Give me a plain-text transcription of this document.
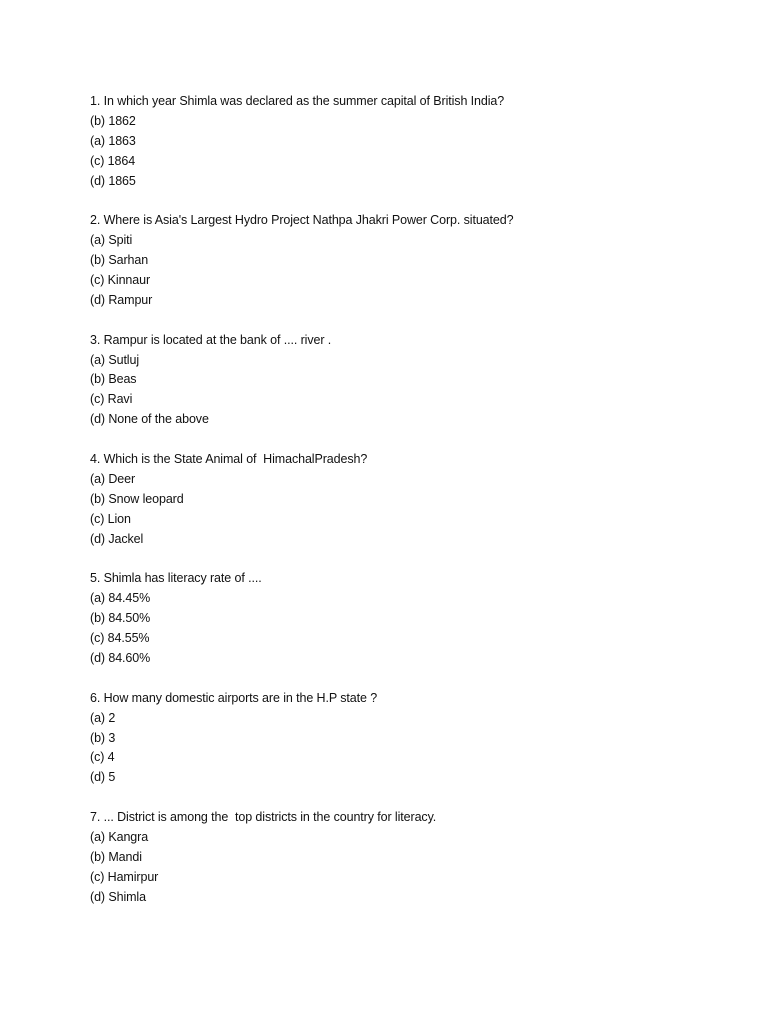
1. In which year Shimla was declared as the summer capital of British India?
(b) 1862
(a) 1863
(c) 1864
(d) 1865
2. Where is Asia's Largest Hydro Project Nathpa Jhakri Power Corp. situated?
(a) Spiti
(b) Sarhan
(c) Kinnaur
(d) Rampur
3. Rampur is located at the bank of .... river .
(a) Sutluj
(b) Beas
(c) Ravi
(d) None of the above
4. Which is the State Animal of  HimachalPradesh?
(a) Deer
(b) Snow leopard
(c) Lion
(d) Jackel
5. Shimla has literacy rate of ....
(a) 84.45%
(b) 84.50%
(c) 84.55%
(d) 84.60%
6. How many domestic airports are in the H.P state ?
(a) 2
(b) 3
(c) 4
(d) 5
7. ... District is among the  top districts in the country for literacy.
(a) Kangra
(b) Mandi
(c) Hamirpur
(d) Shimla
